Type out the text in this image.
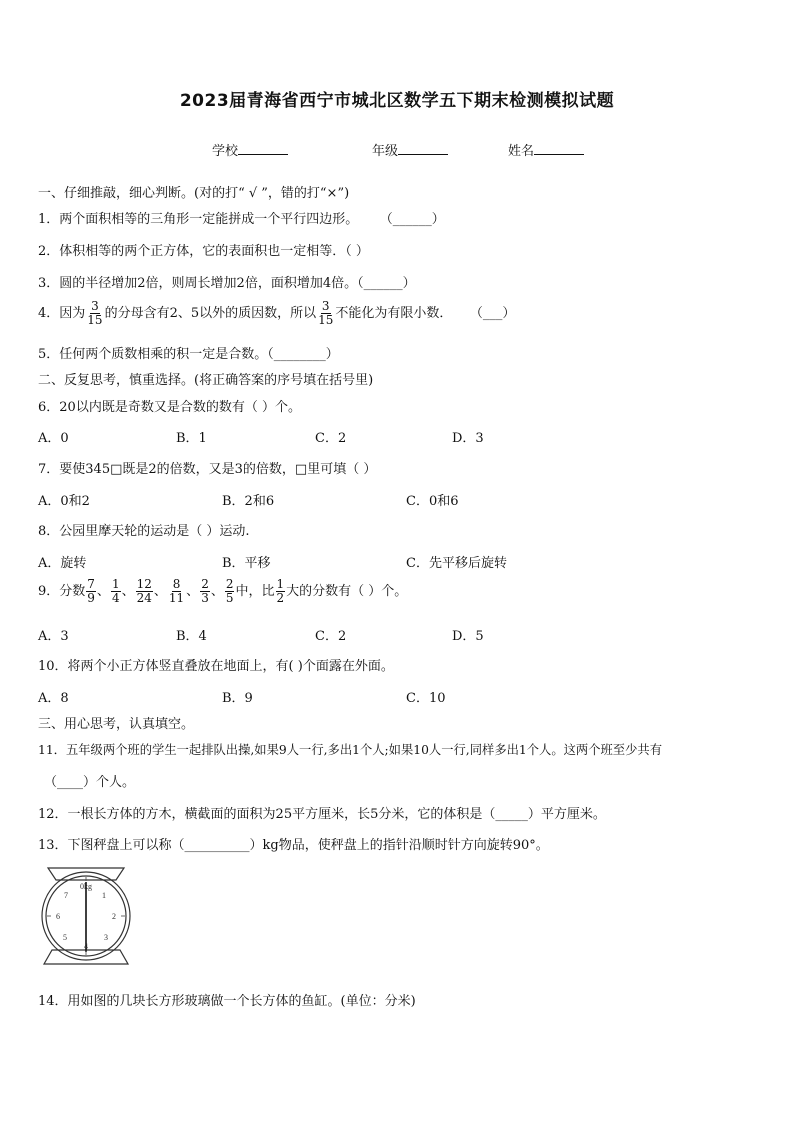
2023届青海省西宁市城北区数学五下期末检测模拟试题
学校	年级	姓名
一、仔细推敲，细心判断。(对的打“ √ ”，错的打“×”)
1．两个面积相等的三角形一定能拼成一个平行四边形。 （______）
2．体积相等的两个正方体，它的表面积也一定相等．（ ）
3．圆的半径增加2倍，则周长增加2倍，面积增加4倍。（______）
4．因为 $\frac{3}{15}$ 的分母含有2、5以外的质因数，所以 $\frac{3}{15}$ 不能化为有限小数． （___）
5．任何两个质数相乘的积一定是合数。（________）
二、反复思考，慎重选择。(将正确答案的序号填在括号里)
6．20以内既是奇数又是合数的数有（ ）个。
A．0	B．1	C．2	D．3
7．要使345□既是2的倍数，又是3的倍数，□里可填（ ）
A．0和2	B．2和6	C．0和6
8．公园里摩天轮的运动是（ ）运动.
A．旋转	B．平移	C．先平移后旋转
9．分数 $\frac{7}{9}$ 、 $\frac{1}{4}$ 、 $\frac{12}{24}$ 、 $\frac{8}{11}$ 、 $\frac{2}{3}$ 、 $\frac{2}{5}$ 中，比 $\frac{1}{2}$ 大的分数有（ ）个。
A．3	B．4	C．2	D．5
10．将两个小正方体竖直叠放在地面上，有( )个面露在外面。
A．8	B．9	C．10
三、用心思考，认真填空。
11．五年级两个班的学生一起排队出操,如果9人一行,多出1个人;如果10人一行,同样多出1个人。这两个班至少共有
（____）个人。
12．一根长方体的方木，横截面的面积为25平方厘米，长5分米，它的体积是（_____）平方厘米。
13．下图秤盘上可以称（__________）kg物品，使秤盘上的指针沿顺时针方向旋转90°。
0kg
1
2
3
4
5
6
7
14．用如图的几块长方形玻璃做一个长方体的鱼缸。(单位：分米)
